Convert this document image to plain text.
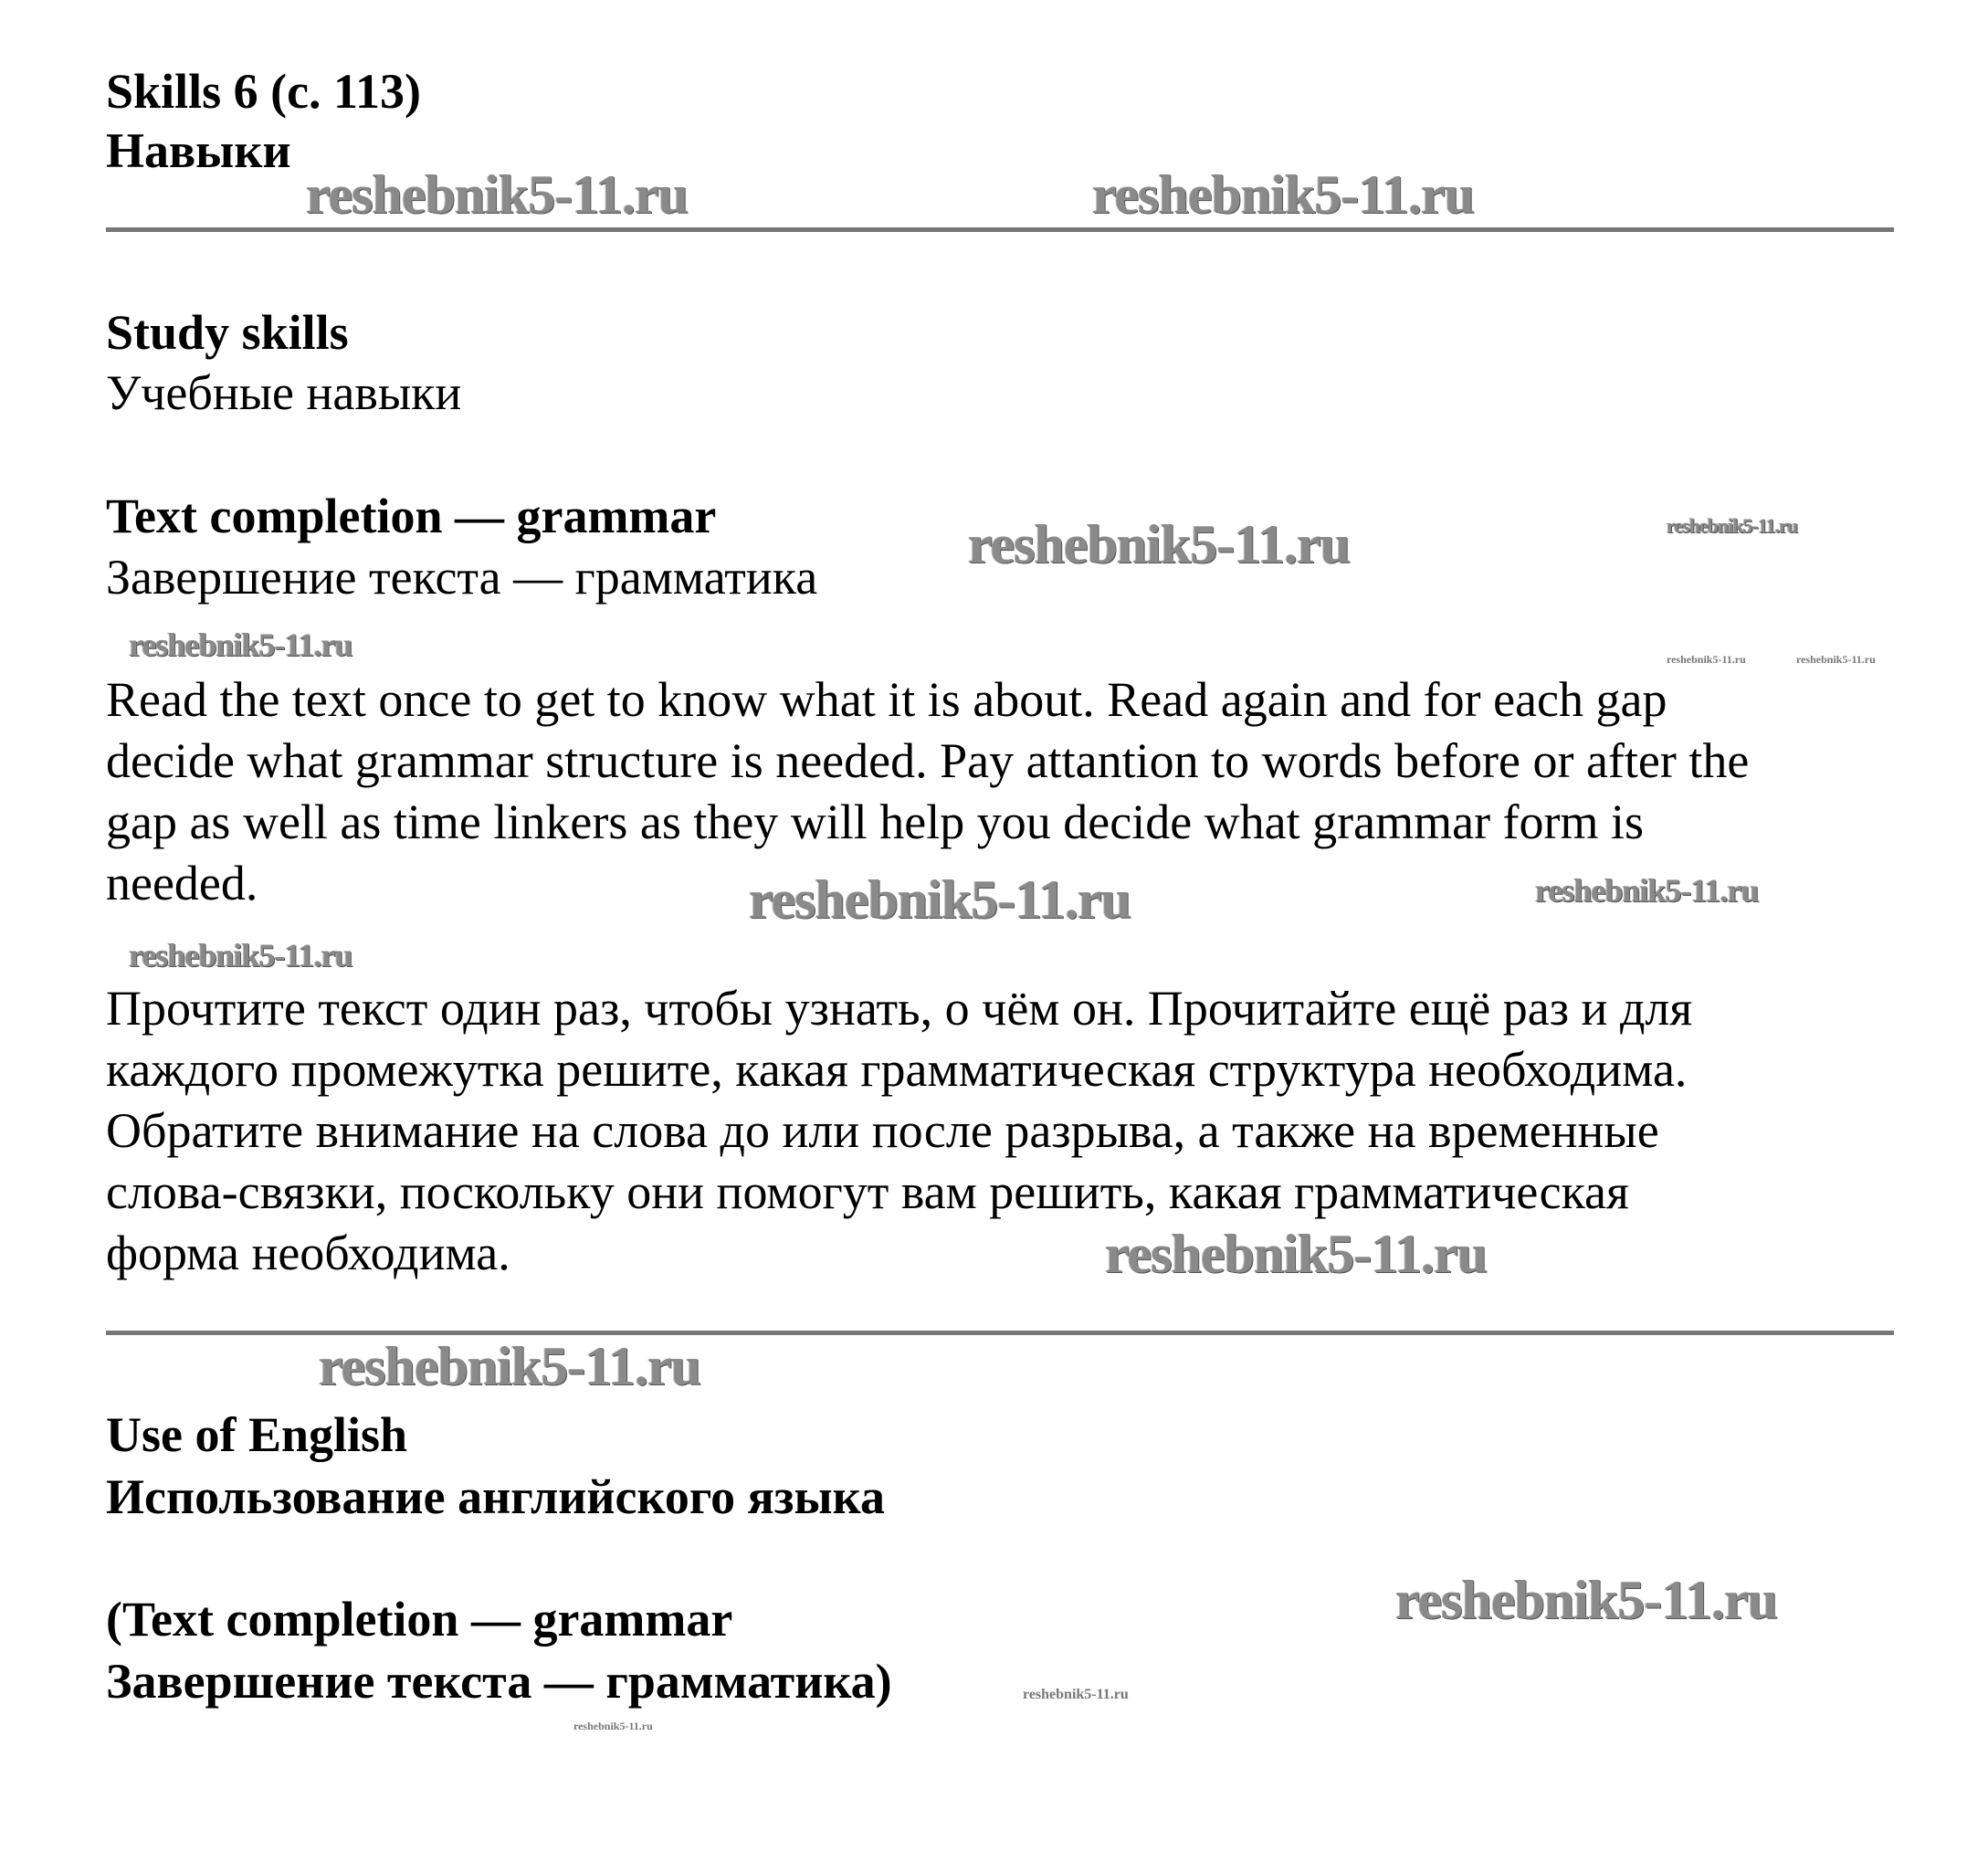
Skills 6 (с. 113)
Навыки
Study skills
Учебные навыки
Text completion — grammar
Завершение текста — грамматика
Read the text once to get to know what it is about. Read again and for each gap
decide what grammar structure is needed. Pay attantion to words before or after the
gap as well as time linkers as they will help you decide what grammar form is
needed.
Прочтите текст один раз, чтобы узнать, о чём он. Прочитайте ещё раз и для
каждого промежутка решите, какая грамматическая структура необходима.
Обратите внимание на слова до или после разрыва, а также на временные
слова-связки, поскольку они помогут вам решить, какая грамматическая
форма необходима.
Use of English
Использование английского языка
(Text completion — grammar
Завершение текста — грамматика)
reshebnik5-11.ru	reshebnik5-11.ru
reshebnik5-11.ru	reshebnik5-11.ru
reshebnik5-11.ru	reshebnik5-11.ru	reshebnik5-11.ru
reshebnik5-11.ru	reshebnik5-11.ru
reshebnik5-11.ru
reshebnik5-11.ru
reshebnik5-11.ru
reshebnik5-11.ru
reshebnik5-11.ru
reshebnik5-11.ru
